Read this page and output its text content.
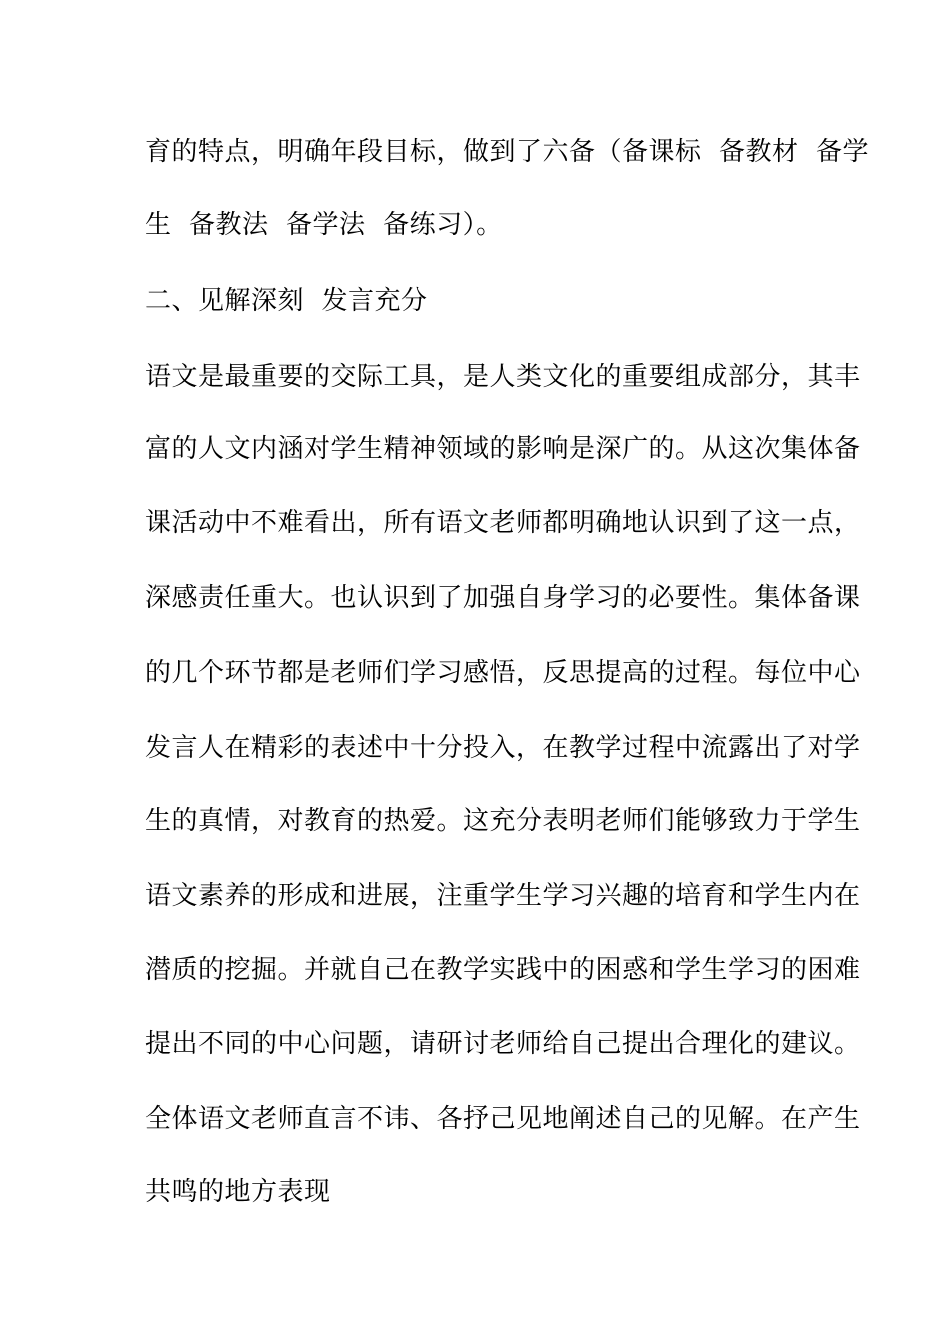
育的特点，明确年段目标，做到了六备（备课标  备教材  备学
生  备教法  备学法  备练习）。
二、见解深刻  发言充分
语文是最重要的交际工具，是人类文化的重要组成部分，其丰
富的人文内涵对学生精神领域的影响是深广的。从这次集体备
课活动中不难看出，所有语文老师都明确地认识到了这一点，
深感责任重大。也认识到了加强自身学习的必要性。集体备课
的几个环节都是老师们学习感悟，反思提高的过程。每位中心
发言人在精彩的表述中十分投入，在教学过程中流露出了对学
生的真情，对教育的热爱。这充分表明老师们能够致力于学生
语文素养的形成和进展，注重学生学习兴趣的培育和学生内在
潜质的挖掘。并就自己在教学实践中的困惑和学生学习的困难
提出不同的中心问题，请研讨老师给自己提出合理化的建议。
全体语文老师直言不讳、各抒己见地阐述自己的见解。在产生
共鸣的地方表现
